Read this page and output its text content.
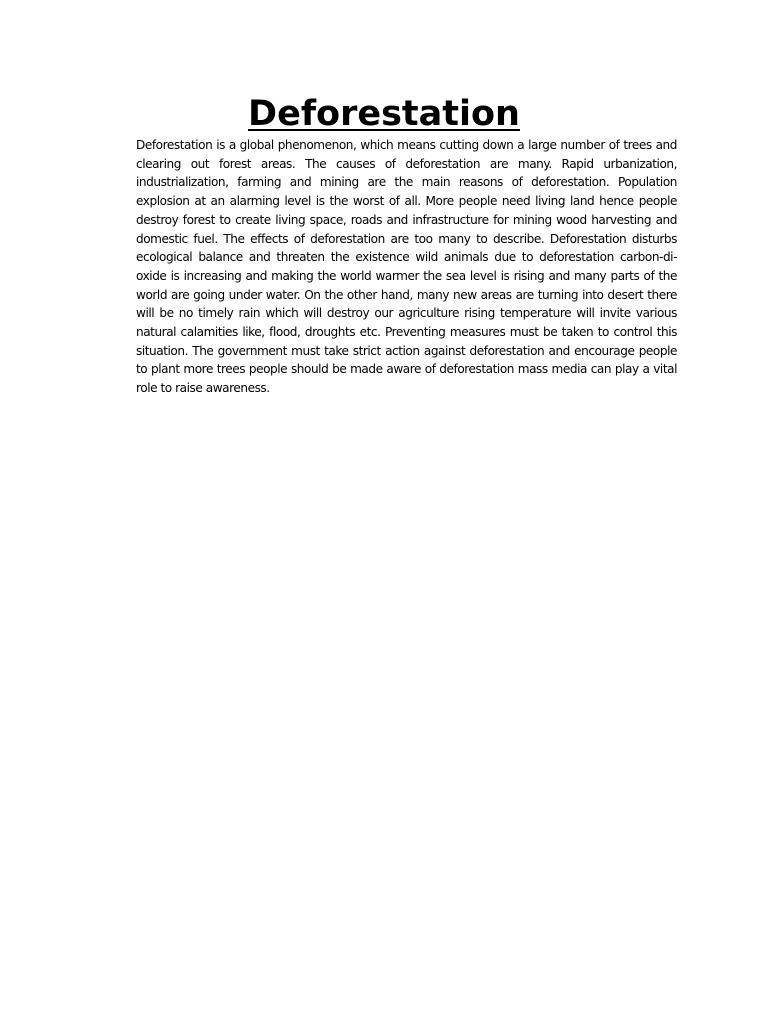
Deforestation

Deforestation is a global phenomenon, which means cutting down a large number of trees and clearing out forest areas. The causes of deforestation are many. Rapid urbanization, industrialization, farming and mining are the main reasons of deforestation. Population explosion at an alarming level is the worst of all. More people need living land hence people destroy forest to create living space, roads and infrastructure for mining wood harvesting and domestic fuel. The effects of deforestation are too many to describe. Deforestation disturbs ecological balance and threaten the existence wild animals due to deforestation carbon-di-oxide is increasing and making the world warmer the sea level is rising and many parts of the world are going under water. On the other hand, many new areas are turning into desert there will be no timely rain which will destroy our agriculture rising temperature will invite various natural calamities like, flood, droughts etc. Preventing measures must be taken to control this situation. The government must take strict action against deforestation and encourage people to plant more trees people should be made aware of deforestation mass media can play a vital role to raise awareness.
